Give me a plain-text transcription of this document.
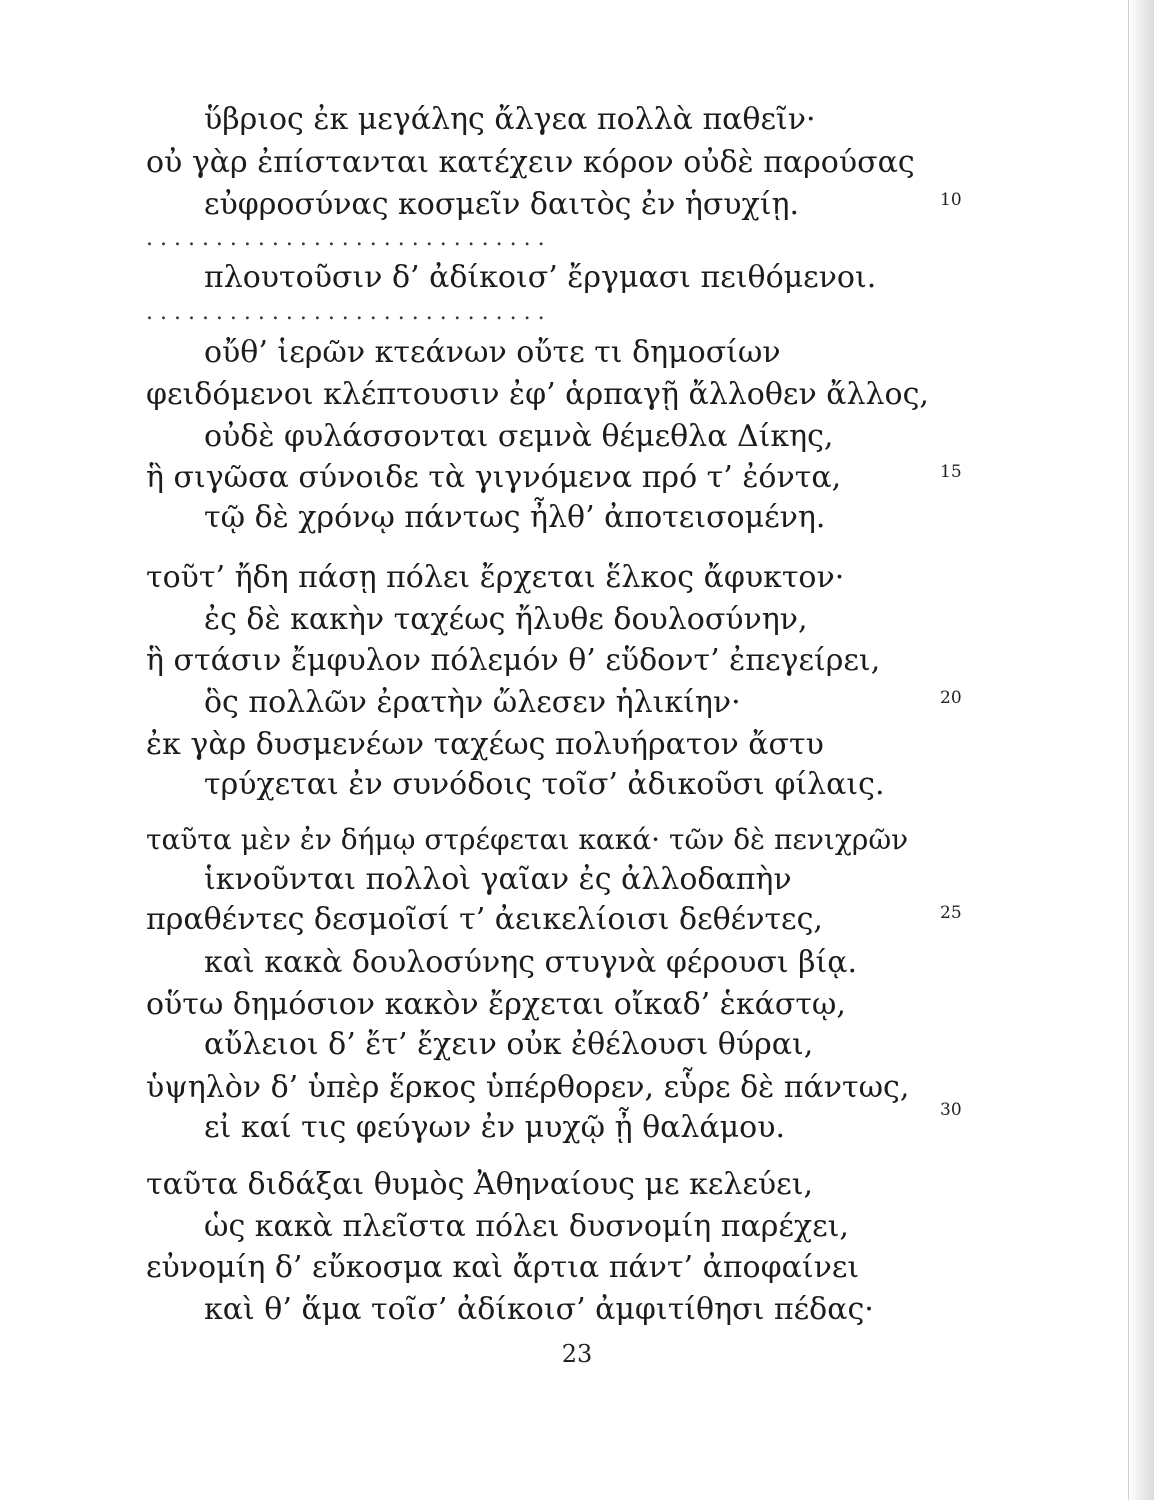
ὕβριος ἐκ μεγάλης ἄλγεα πολλὰ παθεῖν·
οὐ γὰρ ἐπίστανται κατέχειν κόρον οὐδὲ παρούσας
εὐφροσύνας κοσμεῖν δαιτὸς ἐν ἡσυχίῃ.	10
. . . . . . . . . . . . . . . . . . . . . . . . . . . . .
πλουτοῦσιν δ’ ἀδίκοισ’ ἔργμασι πειθόμενοι.
. . . . . . . . . . . . . . . . . . . . . . . . . . . . .
οὔθ’ ἱερῶν κτεάνων οὔτε τι δημοσίων
φειδόμενοι κλέπτουσιν ἐφ’ ἁρπαγῇ ἄλλοθεν ἄλλος,
οὐδὲ φυλάσσονται σεμνὰ θέμεθλα Δίκης,
ἣ σιγῶσα σύνοιδε τὰ γιγνόμενα πρό τ’ ἐόντα,	15
τῷ δὲ χρόνῳ πάντως ἦλθ’ ἀποτεισομένη.
τοῦτ’ ἤδη πάσῃ πόλει ἔρχεται ἕλκος ἄφυκτον·
ἐς δὲ κακὴν ταχέως ἤλυθε δουλοσύνην,
ἣ στάσιν ἔμφυλον πόλεμόν θ’ εὕδοντ’ ἐπεγείρει,
ὃς πολλῶν ἐρατὴν ὤλεσεν ἡλικίην·	20
ἐκ γὰρ δυσμενέων ταχέως πολυήρατον ἄστυ
τρύχεται ἐν συνόδοις τοῖσ’ ἀδικοῦσι φίλαις.
ταῦτα μὲν ἐν δήμῳ στρέφεται κακά· τῶν δὲ πενιχρῶν
ἱκνοῦνται πολλοὶ γαῖαν ἐς ἀλλοδαπὴν
πραθέντες δεσμοῖσί τ’ ἀεικελίοισι δεθέντες,	25
καὶ κακὰ δουλοσύνης στυγνὰ φέρουσι βίᾳ.
οὕτω δημόσιον κακὸν ἔρχεται οἴκαδ’ ἑκάστῳ,
αὔλειοι δ’ ἔτ’ ἔχειν οὐκ ἐθέλουσι θύραι,
ὑψηλὸν δ’ ὑπὲρ ἕρκος ὑπέρθορεν, εὗρε δὲ πάντως,
εἰ καί τις φεύγων ἐν μυχῷ ᾖ θαλάμου.	30
ταῦτα διδάξαι θυμὸς Ἀθηναίους με κελεύει,
ὡς κακὰ πλεῖστα πόλει δυσνομίη παρέχει,
εὐνομίη δ’ εὔκοσμα καὶ ἄρτια πάντ’ ἀποφαίνει
καὶ θ’ ἅμα τοῖσ’ ἀδίκοισ’ ἀμφιτίθησι πέδας·
23
